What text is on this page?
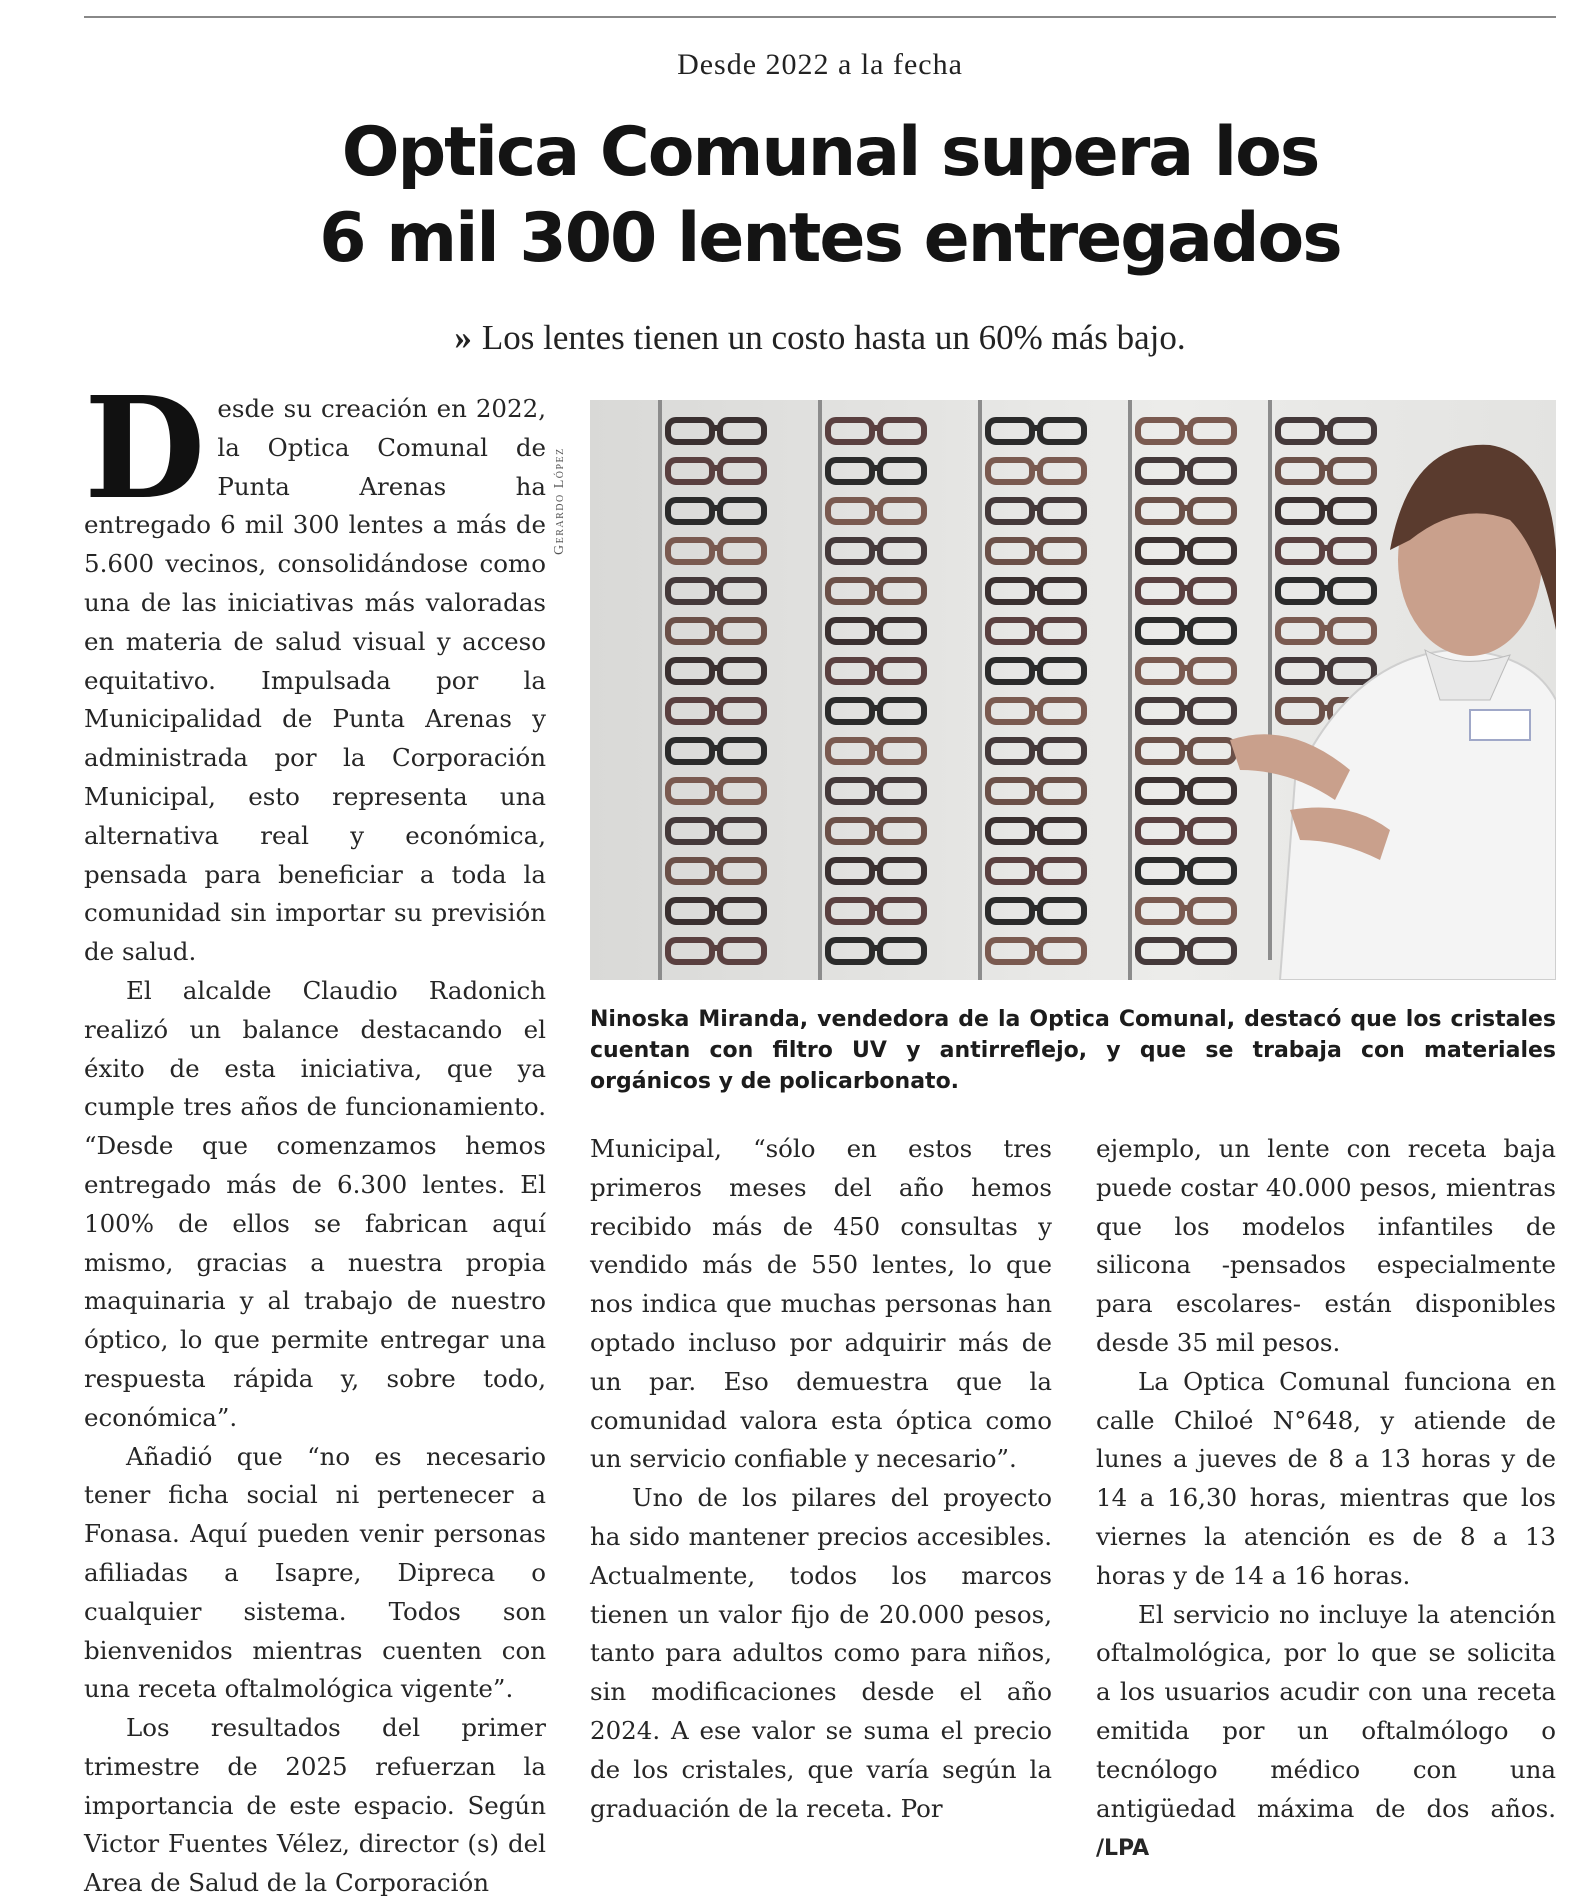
Desde 2022 a la fecha
Optica Comunal supera los
6 mil 300 lentes entregados
» Los lentes tienen un costo hasta un 60% más bajo.
D esde su creación en 2022, la Optica Comunal de Punta Arenas ha entregado 6 mil 300 lentes a más de 5.600 vecinos, consolidándose como una de las iniciativas más valoradas en materia de salud visual y acceso equitativo. Impulsada por la Municipalidad de Punta Arenas y administrada por la Corporación Municipal, esto representa una alternativa real y económica, pensada para beneficiar a toda la comunidad sin importar su previsión de salud.

El alcalde Claudio Radonich realizó un balance destacando el éxito de esta iniciativa, que ya cumple tres años de funcionamiento. “Desde que comenzamos hemos entregado más de 6.300 lentes. El 100% de ellos se fabrican aquí mismo, gracias a nuestra propia maquinaria y al trabajo de nuestro óptico, lo que permite entregar una respuesta rápida y, sobre todo, económica”.

Añadió que “no es necesario tener ficha social ni pertenecer a Fonasa. Aquí pueden venir personas afiliadas a Isapre, Dipreca o cualquier sistema. Todos son bienvenidos mientras cuenten con una receta oftalmológica vigente”.

Los resultados del primer trimestre de 2025 refuerzan la importancia de este espacio. Según Victor Fuentes Vélez, director (s) del Area de Salud de la Corporación

Gerardo López
Ninoska Miranda, vendedora de la Optica Comunal, destacó que los cristales cuentan con filtro UV y antirreflejo, y que se trabaja con materiales orgánicos y de policarbonato.

Municipal, “sólo en estos tres primeros meses del año hemos recibido más de 450 consultas y vendido más de 550 lentes, lo que nos indica que muchas personas han optado incluso por adquirir más de un par. Eso demuestra que la comunidad valora esta óptica como un servicio confiable y necesario”.

Uno de los pilares del proyecto ha sido mantener precios accesibles. Actualmente, todos los marcos tienen un valor fijo de 20.000 pesos, tanto para adultos como para niños, sin modificaciones desde el año 2024. A ese valor se suma el precio de los cristales, que varía según la graduación de la receta. Por

ejemplo, un lente con receta baja puede costar 40.000 pesos, mientras que los modelos infantiles de silicona -pensados especialmente para escolares- están disponibles desde 35 mil pesos.

La Optica Comunal funciona en calle Chiloé N°648, y atiende de lunes a jueves de 8 a 13 horas y de 14 a 16,30 horas, mientras que los viernes la atención es de 8 a 13 horas y de 14 a 16 horas.

El servicio no incluye la atención oftalmológica, por lo que se solicita a los usuarios acudir con una receta emitida por un oftalmólogo o tecnólogo médico con una antigüedad máxima de dos años. /LPA
